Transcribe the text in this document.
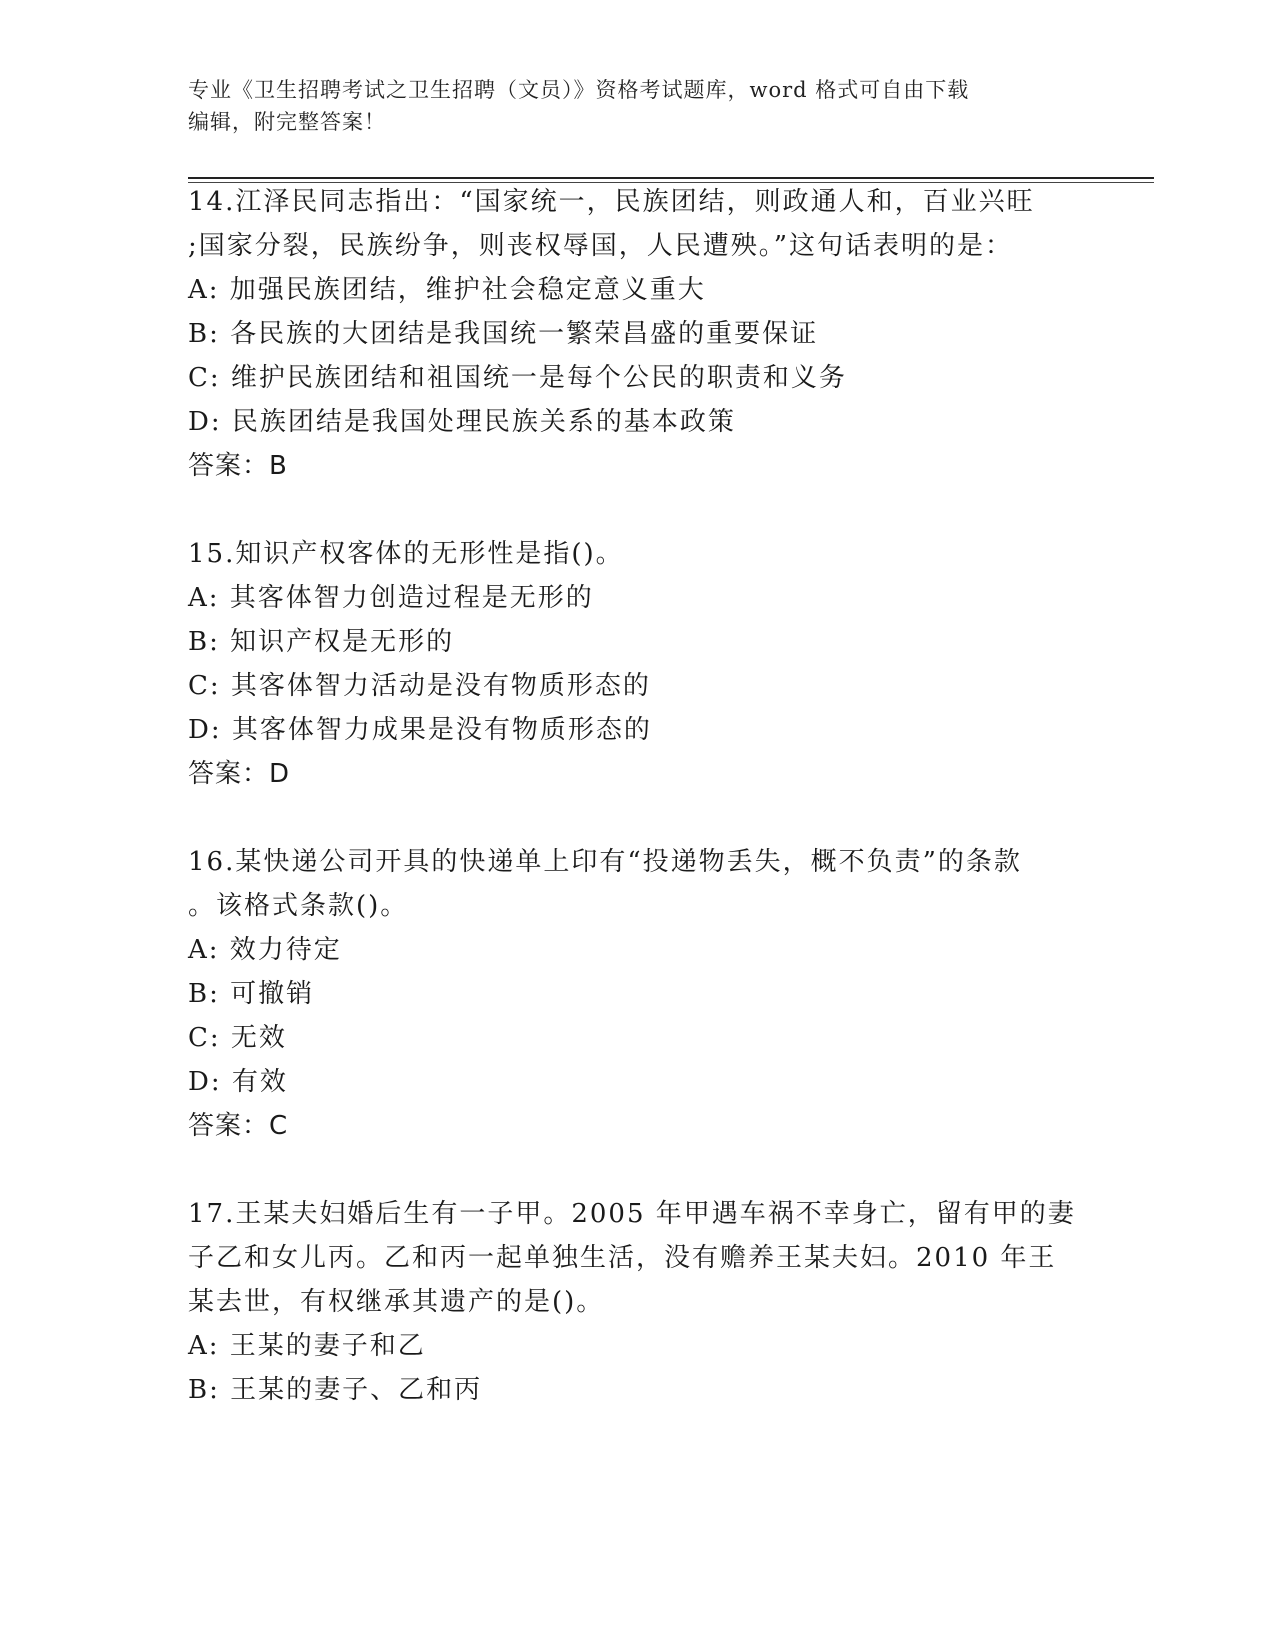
专业《卫生招聘考试之卫生招聘（文员）》资格考试题库，word 格式可自由下载
编辑，附完整答案！
14.江泽民同志指出：“国家统一，民族团结，则政通人和，百业兴旺
;国家分裂，民族纷争，则丧权辱国，人民遭殃。”这句话表明的是：
A: 加强民族团结，维护社会稳定意义重大
B: 各民族的大团结是我国统一繁荣昌盛的重要保证
C: 维护民族团结和祖国统一是每个公民的职责和义务
D: 民族团结是我国处理民族关系的基本政策
答案：B
15.知识产权客体的无形性是指()。
A: 其客体智力创造过程是无形的
B: 知识产权是无形的
C: 其客体智力活动是没有物质形态的
D: 其客体智力成果是没有物质形态的
答案：D
16.某快递公司开具的快递单上印有“投递物丢失，概不负责”的条款
。该格式条款()。
A: 效力待定
B: 可撤销
C: 无效
D: 有效
答案：C
17.王某夫妇婚后生有一子甲。2005 年甲遇车祸不幸身亡，留有甲的妻
子乙和女儿丙。乙和丙一起单独生活，没有赡养王某夫妇。2010 年王
某去世，有权继承其遗产的是()。
A: 王某的妻子和乙
B: 王某的妻子、乙和丙
